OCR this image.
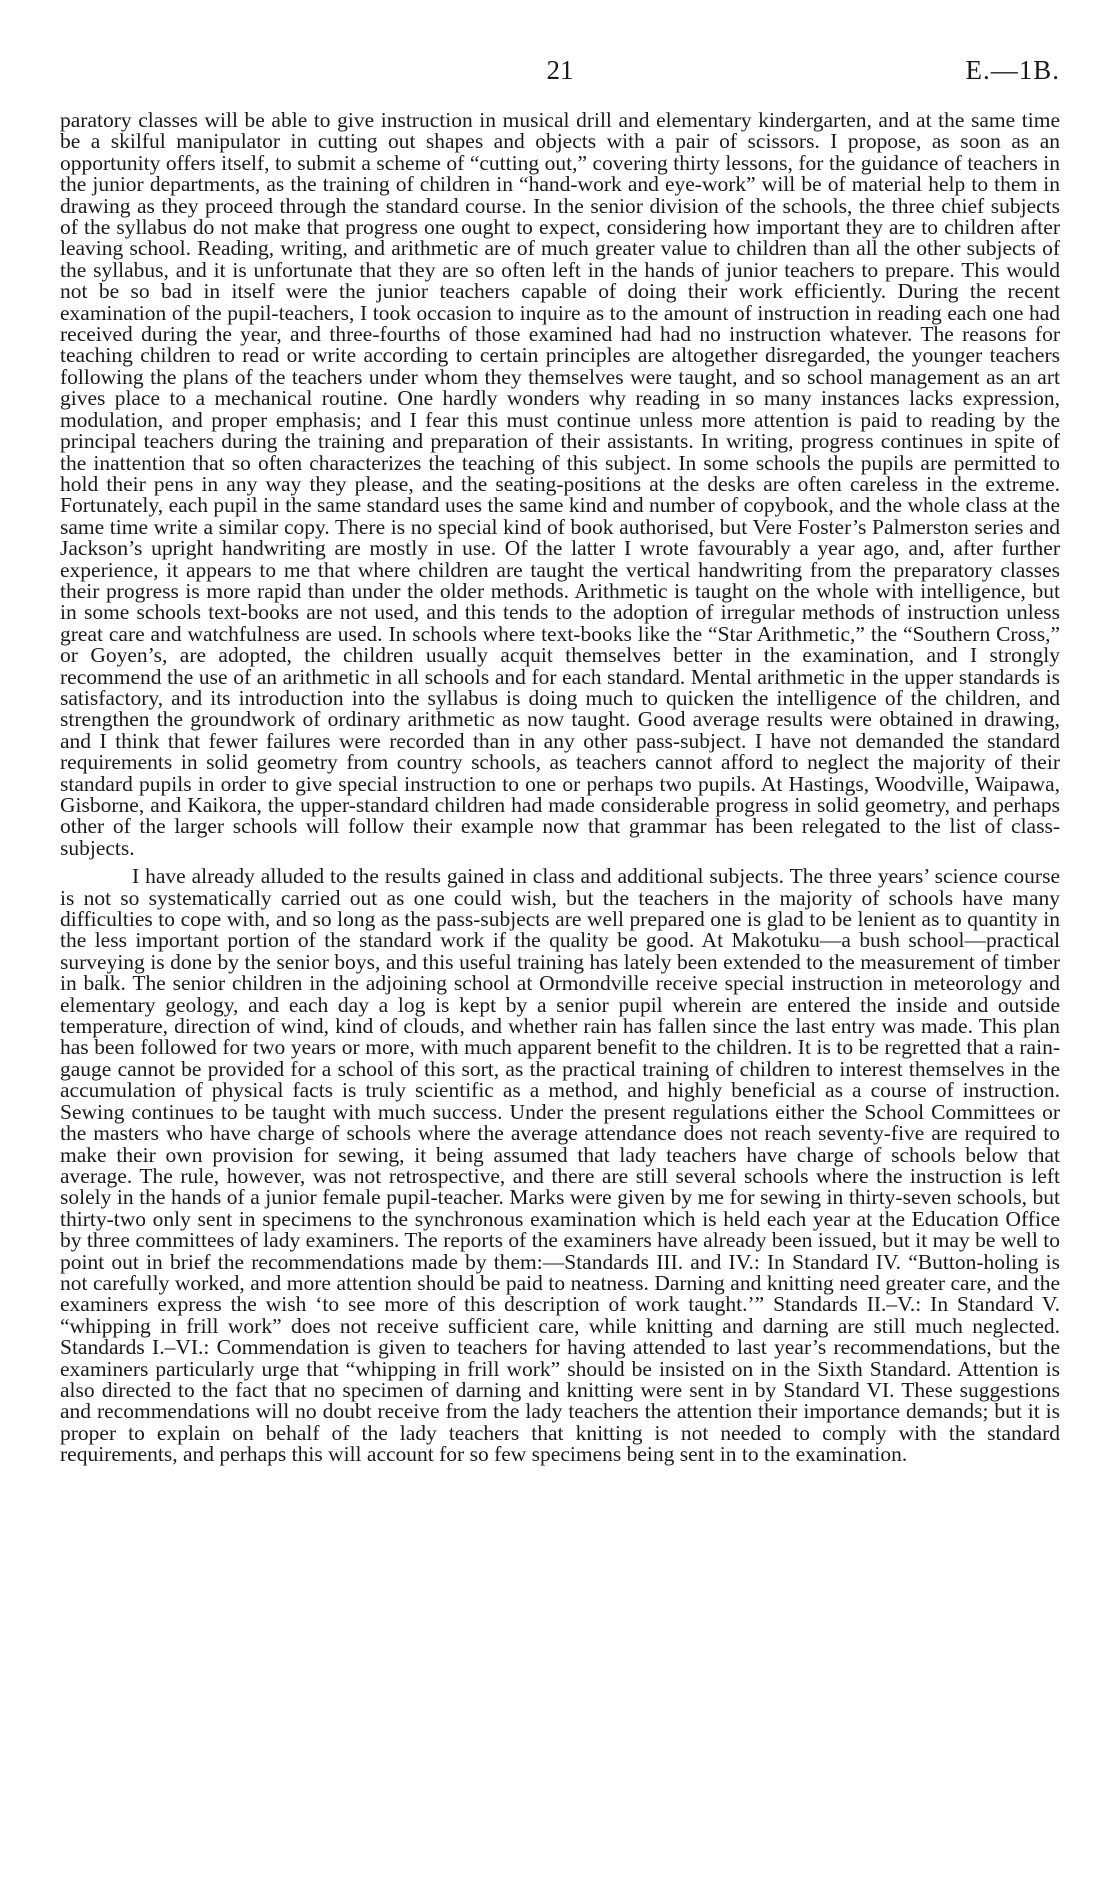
21	E.—1B.

paratory classes will be able to give instruction in musical drill and elementary kindergarten, and at the same time be a skilful manipulator in cutting out shapes and objects with a pair of scissors. I propose, as soon as an opportunity offers itself, to submit a scheme of “cutting out,” covering thirty lessons, for the guidance of teachers in the junior departments, as the training of children in “hand-work and eye-work” will be of material help to them in drawing as they proceed through the standard course. In the senior division of the schools, the three chief subjects of the syllabus do not make that progress one ought to expect, considering how important they are to children after leaving school. Reading, writing, and arithmetic are of much greater value to children than all the other subjects of the syllabus, and it is unfortunate that they are so often left in the hands of junior teachers to prepare. This would not be so bad in itself were the junior teachers capable of doing their work efficiently. During the recent examination of the pupil-teachers, I took occasion to inquire as to the amount of instruction in reading each one had received during the year, and three-fourths of those examined had had no instruction whatever. The reasons for teaching children to read or write according to certain principles are altogether disregarded, the younger teachers following the plans of the teachers under whom they themselves were taught, and so school management as an art gives place to a mechanical routine. One hardly wonders why reading in so many instances lacks expression, modulation, and proper emphasis; and I fear this must continue unless more attention is paid to reading by the principal teachers during the training and preparation of their assistants. In writing, progress continues in spite of the inattention that so often characterizes the teaching of this subject. In some schools the pupils are permitted to hold their pens in any way they please, and the seating-positions at the desks are often careless in the extreme. Fortunately, each pupil in the same standard uses the same kind and number of copybook, and the whole class at the same time write a similar copy. There is no special kind of book authorised, but Vere Foster’s Palmerston series and Jackson’s upright handwriting are mostly in use. Of the latter I wrote favourably a year ago, and, after further experience, it appears to me that where children are taught the vertical handwriting from the preparatory classes their progress is more rapid than under the older methods. Arithmetic is taught on the whole with intelligence, but in some schools text-books are not used, and this tends to the adoption of irregular methods of instruction unless great care and watchfulness are used. In schools where text-books like the “Star Arithmetic,” the “Southern Cross,” or Goyen’s, are adopted, the children usually acquit themselves better in the examination, and I strongly recommend the use of an arithmetic in all schools and for each standard. Mental arithmetic in the upper standards is satisfactory, and its introduction into the syllabus is doing much to quicken the intelligence of the children, and strengthen the groundwork of ordinary arithmetic as now taught. Good average results were obtained in drawing, and I think that fewer failures were recorded than in any other pass-subject. I have not demanded the standard requirements in solid geometry from country schools, as teachers cannot afford to neglect the majority of their standard pupils in order to give special instruction to one or perhaps two pupils. At Hastings, Woodville, Waipawa, Gisborne, and Kaikora, the upper-standard children had made considerable progress in solid geometry, and perhaps other of the larger schools will follow their example now that grammar has been relegated to the list of class-subjects.

I have already alluded to the results gained in class and additional subjects. The three years’ science course is not so systematically carried out as one could wish, but the teachers in the majority of schools have many difficulties to cope with, and so long as the pass-subjects are well prepared one is glad to be lenient as to quantity in the less important portion of the standard work if the quality be good. At Makotuku—a bush school—practical surveying is done by the senior boys, and this useful training has lately been extended to the measurement of timber in balk. The senior children in the adjoining school at Ormondville receive special instruction in meteorology and elementary geology, and each day a log is kept by a senior pupil wherein are entered the inside and outside temperature, direction of wind, kind of clouds, and whether rain has fallen since the last entry was made. This plan has been followed for two years or more, with much apparent benefit to the children. It is to be regretted that a rain-gauge cannot be provided for a school of this sort, as the practical training of children to interest themselves in the accumulation of physical facts is truly scientific as a method, and highly beneficial as a course of instruction. Sewing continues to be taught with much success. Under the present regulations either the School Committees or the masters who have charge of schools where the average attendance does not reach seventy-five are required to make their own provision for sewing, it being assumed that lady teachers have charge of schools below that average. The rule, however, was not retrospective, and there are still several schools where the instruction is left solely in the hands of a junior female pupil-teacher. Marks were given by me for sewing in thirty-seven schools, but thirty-two only sent in specimens to the synchronous examination which is held each year at the Education Office by three committees of lady examiners. The reports of the examiners have already been issued, but it may be well to point out in brief the recommendations made by them:—Standards III. and IV.: In Standard IV. “Button-holing is not carefully worked, and more attention should be paid to neatness. Darning and knitting need greater care, and the examiners express the wish ‘to see more of this description of work taught.’” Standards II.–V.: In Standard V. “whipping in frill work” does not receive sufficient care, while knitting and darning are still much neglected. Standards I.–VI.: Commendation is given to teachers for having attended to last year’s recommendations, but the examiners particularly urge that “whipping in frill work” should be insisted on in the Sixth Standard. Attention is also directed to the fact that no specimen of darning and knitting were sent in by Standard VI. These suggestions and recommendations will no doubt receive from the lady teachers the attention their importance demands; but it is proper to explain on behalf of the lady teachers that knitting is not needed to comply with the standard requirements, and perhaps this will account for so few specimens being sent in to the examination.
